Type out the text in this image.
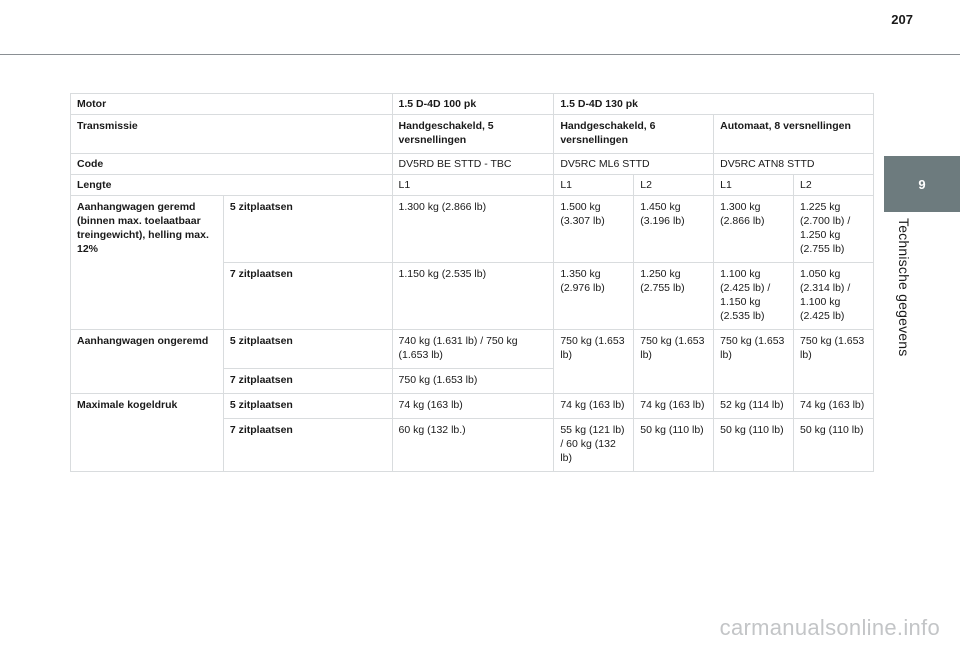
207
9
Technische gegevens
Motor		1.5 D-4D 100 pk	1.5 D-4D 130 pk			
Transmissie		Handgeschakeld, 5 versnellingen	Handgeschakeld, 6 versnellingen		Automaat, 8 versnellingen	
Code		DV5RD BE STTD - TBC	DV5RC ML6 STTD		DV5RC ATN8 STTD	
Lengte		L1	L1	L2	L1	L2
Aanhangwagen geremd (binnen max. toelaatbaar treingewicht), helling max. 12%	5 zitplaatsen	1.300 kg (2.866 lb)	1.500 kg (3.307 lb)	1.450 kg (3.196 lb)	1.300 kg (2.866 lb)	1.225 kg (2.700 lb) / 1.250 kg (2.755 lb)
	7 zitplaatsen	1.150 kg (2.535 lb)	1.350 kg (2.976 lb)	1.250 kg (2.755 lb)	1.100 kg (2.425 lb) / 1.150 kg (2.535 lb)	1.050 kg (2.314 lb) / 1.100 kg (2.425 lb)
Aanhangwagen ongeremd	5 zitplaatsen	740 kg (1.631 lb) / 750 kg (1.653 lb)	750 kg (1.653 lb)	750 kg (1.653 lb)	750 kg (1.653 lb)	750 kg (1.653 lb)
	7 zitplaatsen	750 kg (1.653 lb)				
Maximale kogeldruk	5 zitplaatsen	74 kg (163 lb)	74 kg (163 lb)	74 kg (163 lb)	52 kg (114 lb)	74 kg (163 lb)
	7 zitplaatsen	60 kg (132 lb.)	55 kg (121 lb) / 60 kg (132 lb)	50 kg (110 lb)	50 kg (110 lb)	50 kg (110 lb)
carmanualsonline.info
